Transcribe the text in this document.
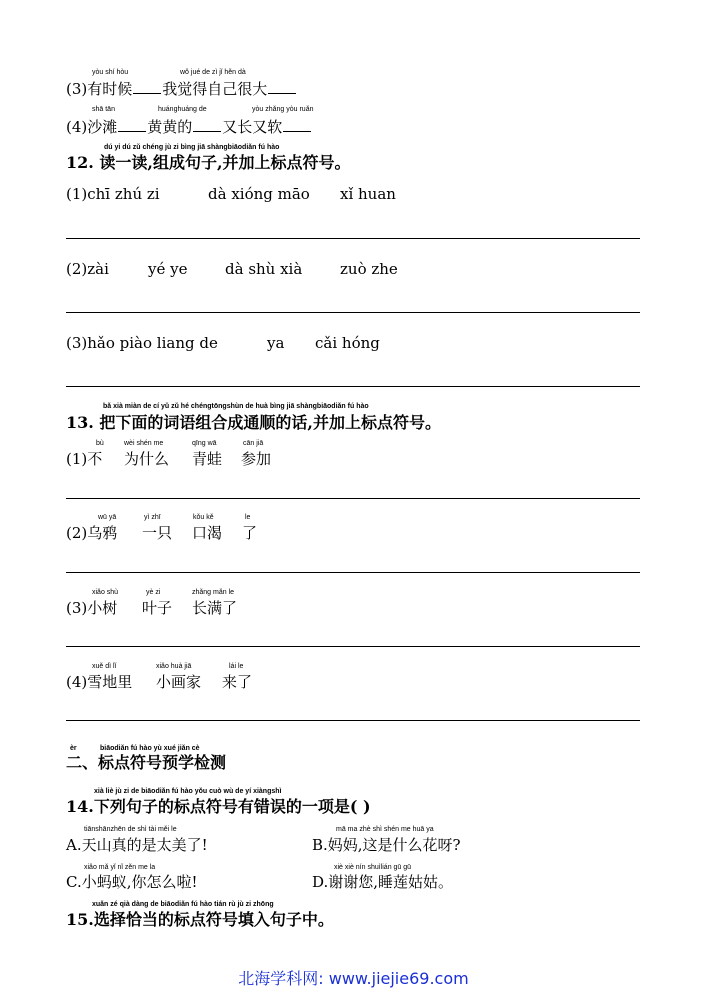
yòu shí hòu	wǒ jué de zì jǐ hěn dà
(3)有时候 我觉得自己很大
shā tān	huánghuáng de	yòu zhǎng yòu ruǎn
(4)沙滩 黄黄的 又长又软
dú yi dú zǔ chéng jù zi bìng jiā shàngbiāodiǎn fú hào
12. 读一读,组成句子,并加上标点符号。
(1)chī zhú zi	dà xióng māo xǐ huan
(2)zài	yé ye	dà shù xià	zuò zhe
(3)hǎo piào liang de	ya cǎi hóng
bǎ xià miàn de cí yǔ zǔ hé chéngtōngshùn de huà bìng jiā shàngbiāodiǎn fú hào
13. 把下面的词语组合成通顺的话,并加上标点符号。
bù	wèi shén me	qīng wā	cān jiā
(1)不 为什么 青蛙 参加
wū yā	yì zhī	kǒu kě	le
(2)乌鸦 一只 口渴 了
xiǎo shù	yè zi	zhǎng mǎn le
(3)小树 叶子 长满了
xuě dì lǐ	xiǎo huà jiā	lái le
(4)雪地里 小画家 来了
èr	biāodiǎn fú hào yù xué jiǎn cè
二、标点符号预学检测
xià liè jù zi de biāodiǎn fú hào yǒu cuò wù de yí xiàngshì
14.下列句子的标点符号有错误的一项是( )
tiānshānzhēn de shì tài měi le
A.天山真的是太美了!
mā ma zhè shì shén me huā ya
B.妈妈,这是什么花呀?
xiǎo mǎ yǐ nǐ zěn me la
C.小蚂蚁,你怎么啦!
xiè xiè nín shuìlián gū gū
D.谢谢您,睡莲姑姑。
xuǎn zé qià dàng de biāodiǎn fú hào tián rù jù zi zhōng
15.选择恰当的标点符号填入句子中。
北海学科网: www.jiejie69.com
